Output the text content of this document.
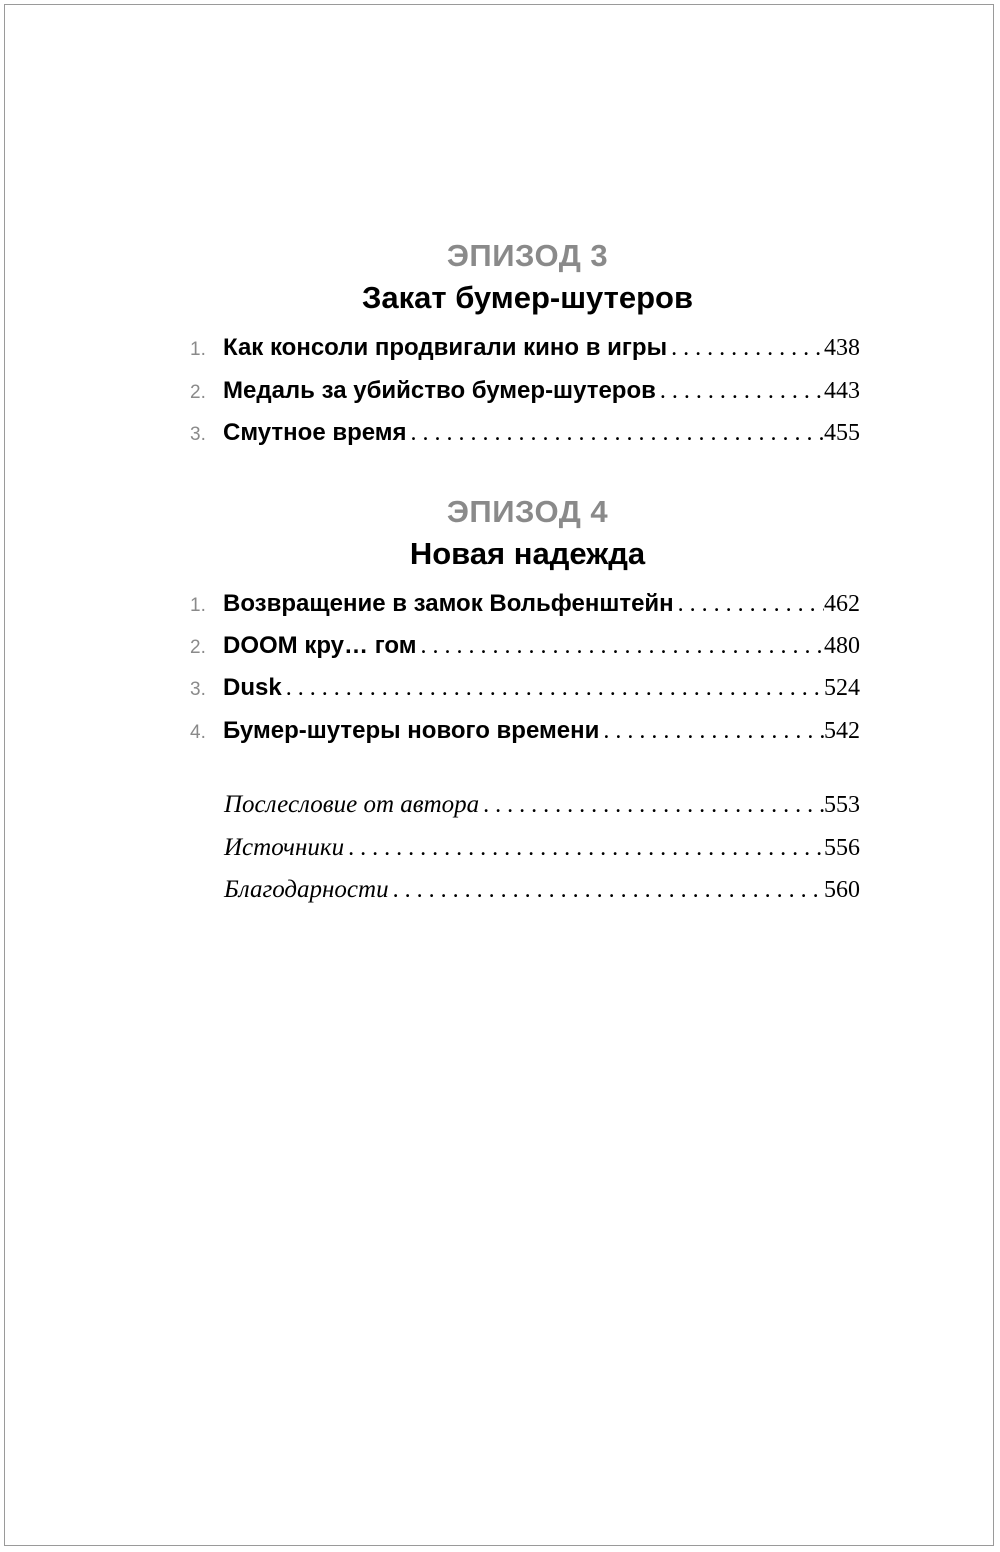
ЭПИЗОД 3
Закат бумер-шутеров
1. Как консоли продвигали кино в игры . . .	438
2. Медаль за убийство бумер-шутеров . . .	443
3. Смутное время . . .	455
ЭПИЗОД 4
Новая надежда
1. Возвращение в замок Вольфенштейн . . .	462
2. DOOM кру… гом . . .	480
3. Dusk . . .	524
4. Бумер-шутеры нового времени . . .	542
Послесловие от автора . . .	553
Источники . . .	556
Благодарности . . .	560
